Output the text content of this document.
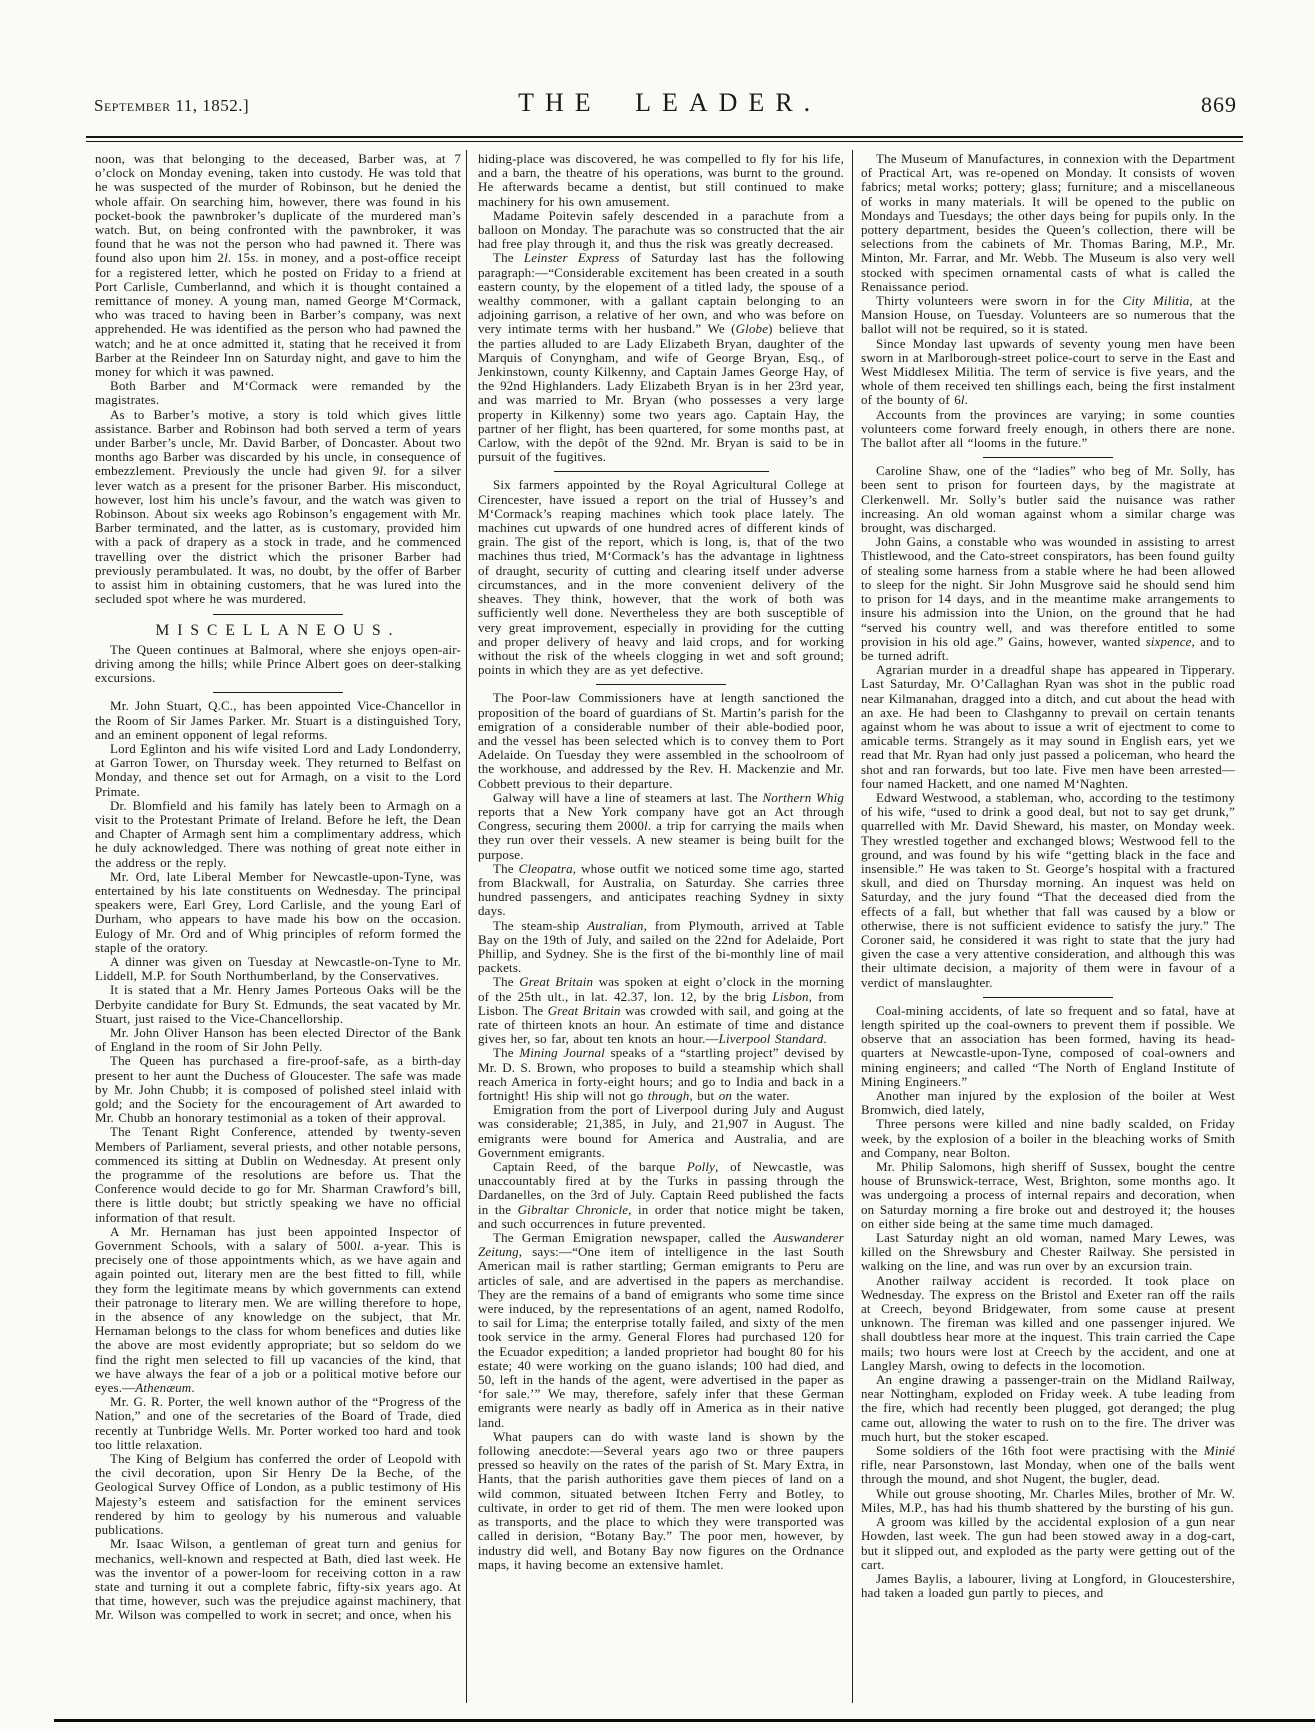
September 11, 1852.]	THE LEADER.	869

noon, was that belonging to the deceased, Barber was, at 7 o’clock on Monday evening, taken into custody. He was told that he was suspected of the murder of Robinson, but he denied the whole affair. On searching him, however, there was found in his pocket-book the pawnbroker’s duplicate of the murdered man’s watch. But, on being confronted with the pawnbroker, it was found that he was not the person who had pawned it. There was found also upon him 2l. 15s. in money, and a post-office receipt for a registered letter, which he posted on Friday to a friend at Port Carlisle, Cumberlannd, and which it is thought contained a remittance of money. A young man, named George M‘Cormack, who was traced to having been in Barber’s company, was next apprehended. He was identified as the person who had pawned the watch; and he at once admitted it, stating that he received it from Barber at the Reindeer Inn on Saturday night, and gave to him the money for which it was pawned.

Both Barber and M‘Cormack were remanded by the magistrates.

As to Barber’s motive, a story is told which gives little assistance. Barber and Robinson had both served a term of years under Barber’s uncle, Mr. David Barber, of Doncaster. About two months ago Barber was discarded by his uncle, in consequence of embezzlement. Previously the uncle had given 9l. for a silver lever watch as a present for the prisoner Barber. His misconduct, however, lost him his uncle’s favour, and the watch was given to Robinson. About six weeks ago Robinson’s engagement with Mr. Barber terminated, and the latter, as is customary, provided him with a pack of drapery as a stock in trade, and he commenced travelling over the district which the prisoner Barber had previously perambulated. It was, no doubt, by the offer of Barber to assist him in obtaining customers, that he was lured into the secluded spot where he was murdered.

MISCELLANEOUS.

The Queen continues at Balmoral, where she enjoys open-air-driving among the hills; while Prince Albert goes on deer-stalking excursions.

Mr. John Stuart, Q.C., has been appointed Vice-Chancellor in the Room of Sir James Parker. Mr. Stuart is a distinguished Tory, and an eminent opponent of legal reforms.

Lord Eglinton and his wife visited Lord and Lady Londonderry, at Garron Tower, on Thursday week. They returned to Belfast on Monday, and thence set out for Armagh, on a visit to the Lord Primate.

Dr. Blomfield and his family has lately been to Armagh on a visit to the Protestant Primate of Ireland. Before he left, the Dean and Chapter of Armagh sent him a complimentary address, which he duly acknowledged. There was nothing of great note either in the address or the reply.

Mr. Ord, late Liberal Member for Newcastle-upon-Tyne, was entertained by his late constituents on Wednesday. The principal speakers were, Earl Grey, Lord Carlisle, and the young Earl of Durham, who appears to have made his bow on the occasion. Eulogy of Mr. Ord and of Whig principles of reform formed the staple of the oratory.

A dinner was given on Tuesday at Newcastle-on-Tyne to Mr. Liddell, M.P. for South Northumberland, by the Conservatives.

It is stated that a Mr. Henry James Porteous Oaks will be the Derbyite candidate for Bury St. Edmunds, the seat vacated by Mr. Stuart, just raised to the Vice-Chancellorship.

Mr. John Oliver Hanson has been elected Director of the Bank of England in the room of Sir John Pelly.

The Queen has purchased a fire-proof-safe, as a birth-day present to her aunt the Duchess of Gloucester. The safe was made by Mr. John Chubb; it is composed of polished steel inlaid with gold; and the Society for the encouragement of Art awarded to Mr. Chubb an honorary testimonial as a token of their approval.

The Tenant Right Conference, attended by twenty-seven Members of Parliament, several priests, and other notable persons, commenced its sitting at Dublin on Wednesday. At present only the programme of the resolutions are before us. That the Conference would decide to go for Mr. Sharman Crawford’s bill, there is little doubt; but strictly speaking we have no official information of that result.

A Mr. Hernaman has just been appointed Inspector of Government Schools, with a salary of 500l. a-year. This is precisely one of those appointments which, as we have again and again pointed out, literary men are the best fitted to fill, while they form the legitimate means by which governments can extend their patronage to literary men. We are willing therefore to hope, in the absence of any knowledge on the subject, that Mr. Hernaman belongs to the class for whom benefices and duties like the above are most evidently appropriate; but so seldom do we find the right men selected to fill up vacancies of the kind, that we have always the fear of a job or a political motive before our eyes.—Athenæum.

Mr. G. R. Porter, the well known author of the “Progress of the Nation,” and one of the secretaries of the Board of Trade, died recently at Tunbridge Wells. Mr. Porter worked too hard and took too little relaxation.

The King of Belgium has conferred the order of Leopold with the civil decoration, upon Sir Henry De la Beche, of the Geological Survey Office of London, as a public testimony of His Majesty’s esteem and satisfaction for the eminent services rendered by him to geology by his numerous and valuable publications.

Mr. Isaac Wilson, a gentleman of great turn and genius for mechanics, well-known and respected at Bath, died last week. He was the inventor of a power-loom for receiving cotton in a raw state and turning it out a complete fabric, fifty-six years ago. At that time, however, such was the prejudice against machinery, that Mr. Wilson was compelled to work in secret; and once, when his

hiding-place was discovered, he was compelled to fly for his life, and a barn, the theatre of his operations, was burnt to the ground. He afterwards became a dentist, but still continued to make machinery for his own amusement.

Madame Poitevin safely descended in a parachute from a balloon on Monday. The parachute was so constructed that the air had free play through it, and thus the risk was greatly decreased.

The Leinster Express of Saturday last has the following paragraph:—“Considerable excitement has been created in a south eastern county, by the elopement of a titled lady, the spouse of a wealthy commoner, with a gallant captain belonging to an adjoining garrison, a relative of her own, and who was before on very intimate terms with her husband.” We (Globe) believe that the parties alluded to are Lady Elizabeth Bryan, daughter of the Marquis of Conyngham, and wife of George Bryan, Esq., of Jenkinstown, county Kilkenny, and Captain James George Hay, of the 92nd Highlanders. Lady Elizabeth Bryan is in her 23rd year, and was married to Mr. Bryan (who possesses a very large property in Kilkenny) some two years ago. Captain Hay, the partner of her flight, has been quartered, for some months past, at Carlow, with the depôt of the 92nd. Mr. Bryan is said to be in pursuit of the fugitives.

Six farmers appointed by the Royal Agricultural College at Cirencester, have issued a report on the trial of Hussey’s and M‘Cormack’s reaping machines which took place lately. The machines cut upwards of one hundred acres of different kinds of grain. The gist of the report, which is long, is, that of the two machines thus tried, M‘Cormack’s has the advantage in lightness of draught, security of cutting and clearing itself under adverse circumstances, and in the more convenient delivery of the sheaves. They think, however, that the work of both was sufficiently well done. Nevertheless they are both susceptible of very great improvement, especially in providing for the cutting and proper delivery of heavy and laid crops, and for working without the risk of the wheels clogging in wet and soft ground; points in which they are as yet defective.

The Poor-law Commissioners have at length sanctioned the proposition of the board of guardians of St. Martin’s parish for the emigration of a considerable number of their able-bodied poor, and the vessel has been selected which is to convey them to Port Adelaide. On Tuesday they were assembled in the schoolroom of the workhouse, and addressed by the Rev. H. Mackenzie and Mr. Cobbett previous to their departure.

Galway will have a line of steamers at last. The Northern Whig reports that a New York company have got an Act through Congress, securing them 2000l. a trip for carrying the mails when they run over their vessels. A new steamer is being built for the purpose.

The Cleopatra, whose outfit we noticed some time ago, started from Blackwall, for Australia, on Saturday. She carries three hundred passengers, and anticipates reaching Sydney in sixty days.

The steam-ship Australian, from Plymouth, arrived at Table Bay on the 19th of July, and sailed on the 22nd for Adelaide, Port Phillip, and Sydney. She is the first of the bi-monthly line of mail packets.

The Great Britain was spoken at eight o’clock in the morning of the 25th ult., in lat. 42.37, lon. 12, by the brig Lisbon, from Lisbon. The Great Britain was crowded with sail, and going at the rate of thirteen knots an hour. An estimate of time and distance gives her, so far, about ten knots an hour.—Liverpool Standard.

The Mining Journal speaks of a “startling project” devised by Mr. D. S. Brown, who proposes to build a steamship which shall reach America in forty-eight hours; and go to India and back in a fortnight! His ship will not go through, but on the water.

Emigration from the port of Liverpool during July and August was considerable; 21,385, in July, and 21,907 in August. The emigrants were bound for America and Australia, and are Government emigrants.

Captain Reed, of the barque Polly, of Newcastle, was unaccountably fired at by the Turks in passing through the Dardanelles, on the 3rd of July. Captain Reed published the facts in the Gibraltar Chronicle, in order that notice might be taken, and such occurrences in future prevented.

The German Emigration newspaper, called the Auswanderer Zeitung, says:—“One item of intelligence in the last South American mail is rather startling; German emigrants to Peru are articles of sale, and are advertised in the papers as merchandise. They are the remains of a band of emigrants who some time since were induced, by the representations of an agent, named Rodolfo, to sail for Lima; the enterprise totally failed, and sixty of the men took service in the army. General Flores had purchased 120 for the Ecuador expedition; a landed proprietor had bought 80 for his estate; 40 were working on the guano islands; 100 had died, and 50, left in the hands of the agent, were advertised in the paper as ‘for sale.’” We may, therefore, safely infer that these German emigrants were nearly as badly off in America as in their native land.

What paupers can do with waste land is shown by the following anecdote:—Several years ago two or three paupers pressed so heavily on the rates of the parish of St. Mary Extra, in Hants, that the parish authorities gave them pieces of land on a wild common, situated between Itchen Ferry and Botley, to cultivate, in order to get rid of them. The men were looked upon as transports, and the place to which they were transported was called in derision, “Botany Bay.” The poor men, however, by industry did well, and Botany Bay now figures on the Ordnance maps, it having become an extensive hamlet.

The Museum of Manufactures, in connexion with the Department of Practical Art, was re-opened on Monday. It consists of woven fabrics; metal works; pottery; glass; furniture; and a miscellaneous of works in many materials. It will be opened to the public on Mondays and Tuesdays; the other days being for pupils only. In the pottery department, besides the Queen’s collection, there will be selections from the cabinets of Mr. Thomas Baring, M.P., Mr. Minton, Mr. Farrar, and Mr. Webb. The Museum is also very well stocked with specimen ornamental casts of what is called the Renaissance period.

Thirty volunteers were sworn in for the City Militia, at the Mansion House, on Tuesday. Volunteers are so numerous that the ballot will not be required, so it is stated.

Since Monday last upwards of seventy young men have been sworn in at Marlborough-street police-court to serve in the East and West Middlesex Militia. The term of service is five years, and the whole of them received ten shillings each, being the first instalment of the bounty of 6l.

Accounts from the provinces are varying; in some counties volunteers come forward freely enough, in others there are none. The ballot after all “looms in the future.”

Caroline Shaw, one of the “ladies” who beg of Mr. Solly, has been sent to prison for fourteen days, by the magistrate at Clerkenwell. Mr. Solly’s butler said the nuisance was rather increasing. An old woman against whom a similar charge was brought, was discharged.

John Gains, a constable who was wounded in assisting to arrest Thistlewood, and the Cato-street conspirators, has been found guilty of stealing some harness from a stable where he had been allowed to sleep for the night. Sir John Musgrove said he should send him to prison for 14 days, and in the meantime make arrangements to insure his admission into the Union, on the ground that he had “served his country well, and was therefore entitled to some provision in his old age.” Gains, however, wanted sixpence, and to be turned adrift.

Agrarian murder in a dreadful shape has appeared in Tipperary. Last Saturday, Mr. O’Callaghan Ryan was shot in the public road near Kilmanahan, dragged into a ditch, and cut about the head with an axe. He had been to Clashganny to prevail on certain tenants against whom he was about to issue a writ of ejectment to come to amicable terms. Strangely as it may sound in English ears, yet we read that Mr. Ryan had only just passed a policeman, who heard the shot and ran forwards, but too late. Five men have been arrested—four named Hackett, and one named M‘Naghten.

Edward Westwood, a stableman, who, according to the testimony of his wife, “used to drink a good deal, but not to say get drunk,” quarrelled with Mr. David Sheward, his master, on Monday week. They wrestled together and exchanged blows; Westwood fell to the ground, and was found by his wife “getting black in the face and insensible.” He was taken to St. George’s hospital with a fractured skull, and died on Thursday morning. An inquest was held on Saturday, and the jury found “That the deceased died from the effects of a fall, but whether that fall was caused by a blow or otherwise, there is not sufficient evidence to satisfy the jury.” The Coroner said, he considered it was right to state that the jury had given the case a very attentive consideration, and although this was their ultimate decision, a majority of them were in favour of a verdict of manslaughter.

Coal-mining accidents, of late so frequent and so fatal, have at length spirited up the coal-owners to prevent them if possible. We observe that an association has been formed, having its head-quarters at Newcastle-upon-Tyne, composed of coal-owners and mining engineers; and called “The North of England Institute of Mining Engineers.”

Another man injured by the explosion of the boiler at West Bromwich, died lately,

Three persons were killed and nine badly scalded, on Friday week, by the explosion of a boiler in the bleaching works of Smith and Company, near Bolton.

Mr. Philip Salomons, high sheriff of Sussex, bought the centre house of Brunswick-terrace, West, Brighton, some months ago. It was undergoing a process of internal repairs and decoration, when on Saturday morning a fire broke out and destroyed it; the houses on either side being at the same time much damaged.

Last Saturday night an old woman, named Mary Lewes, was killed on the Shrewsbury and Chester Railway. She persisted in walking on the line, and was run over by an excursion train.

Another railway accident is recorded. It took place on Wednesday. The express on the Bristol and Exeter ran off the rails at Creech, beyond Bridgewater, from some cause at present unknown. The fireman was killed and one passenger injured. We shall doubtless hear more at the inquest. This train carried the Cape mails; two hours were lost at Creech by the accident, and one at Langley Marsh, owing to defects in the locomotion.

An engine drawing a passenger-train on the Midland Railway, near Nottingham, exploded on Friday week. A tube leading from the fire, which had recently been plugged, got deranged; the plug came out, allowing the water to rush on to the fire. The driver was much hurt, but the stoker escaped.

Some soldiers of the 16th foot were practising with the Minié rifle, near Parsonstown, last Monday, when one of the balls went through the mound, and shot Nugent, the bugler, dead.

While out grouse shooting, Mr. Charles Miles, brother of Mr. W. Miles, M.P., has had his thumb shattered by the bursting of his gun.

A groom was killed by the accidental explosion of a gun near Howden, last week. The gun had been stowed away in a dog-cart, but it slipped out, and exploded as the party were getting out of the cart.

James Baylis, a labourer, living at Longford, in Gloucestershire, had taken a loaded gun partly to pieces, and
